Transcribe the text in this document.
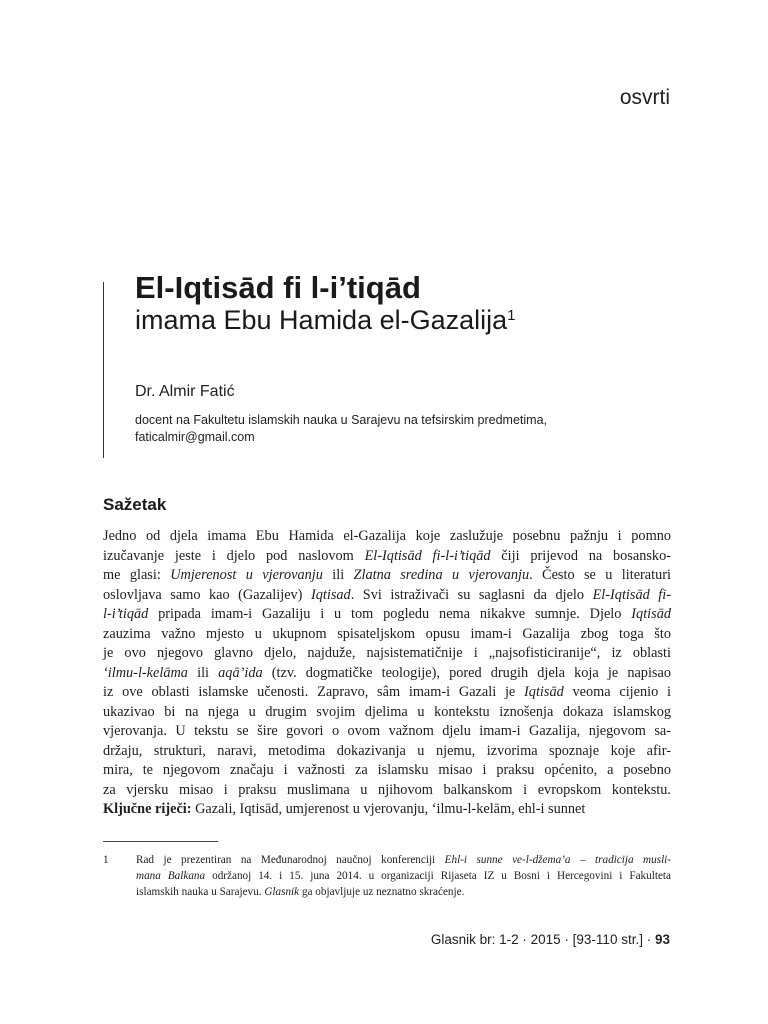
osvrti
El-Iqtisād fi l-i’tiqād
imama Ebu Hamida el-Gazalija$^1$
Dr. Almir Fatić
docent na Fakultetu islamskih nauka u Sarajevu na tefsirskim predmetima,
faticalmir@gmail.com
Sažetak
Jedno od djela imama Ebu Hamida el-Gazalija koje zaslužuje posebnu pažnju i pomno
izučavanje jeste i djelo pod naslovom El-Iqtisād fi-l-i’tiqād čiji prijevod na bosansko-
me glasi: Umjerenost u vjerovanju ili Zlatna sredina u vjerovanju. Često se u literaturi
oslovljava samo kao (Gazalijev) Iqtisad. Svi istraživači su saglasni da djelo El-Iqtisād fi-
l-i’tiqād pripada imam-i Gazaliju i u tom pogledu nema nikakve sumnje. Djelo Iqtisād
zauzima važno mjesto u ukupnom spisateljskom opusu imam-i Gazalija zbog toga što
je ovo njegovo glavno djelo, najduže, najsistematičnije i „najsofisticiranije“, iz oblasti
‘ilmu-l-kelāma ili aqā’ida (tzv. dogmatičke teologije), pored drugih djela koja je napisao
iz ove oblasti islamske učenosti. Zapravo, sâm imam-i Gazali je Iqtisād veoma cijenio i
ukazivao bi na njega u drugim svojim djelima u kontekstu iznošenja dokaza islamskog
vjerovanja. U tekstu se šire govori o ovom važnom djelu imam-i Gazalija, njegovom sa-
držaju, strukturi, naravi, metodima dokazivanja u njemu, izvorima spoznaje koje afir-
mira, te njegovom značaju i važnosti za islamsku misao i praksu općenito, a posebno
za vjersku misao i praksu muslimana u njihovom balkanskom i evropskom kontekstu.
Ključne riječi: Gazali, Iqtisād, umjerenost u vjerovanju, ‘ilmu-l-kelām, ehl-i sunnet
1 Rad je prezentiran na Međunarodnoj naučnoj konferenciji Ehl-i sunne ve-l-džema’a – tradicija musli-
mana Balkana održanoj 14. i 15. juna 2014. u organizaciji Rijaseta IZ u Bosni i Hercegovini i Fakulteta
islamskih nauka u Sarajevu. Glasnik ga objavljuje uz neznatno skraćenje.
Glasnik br: 1-2 · 2015 · [93-110 str.] · 93
